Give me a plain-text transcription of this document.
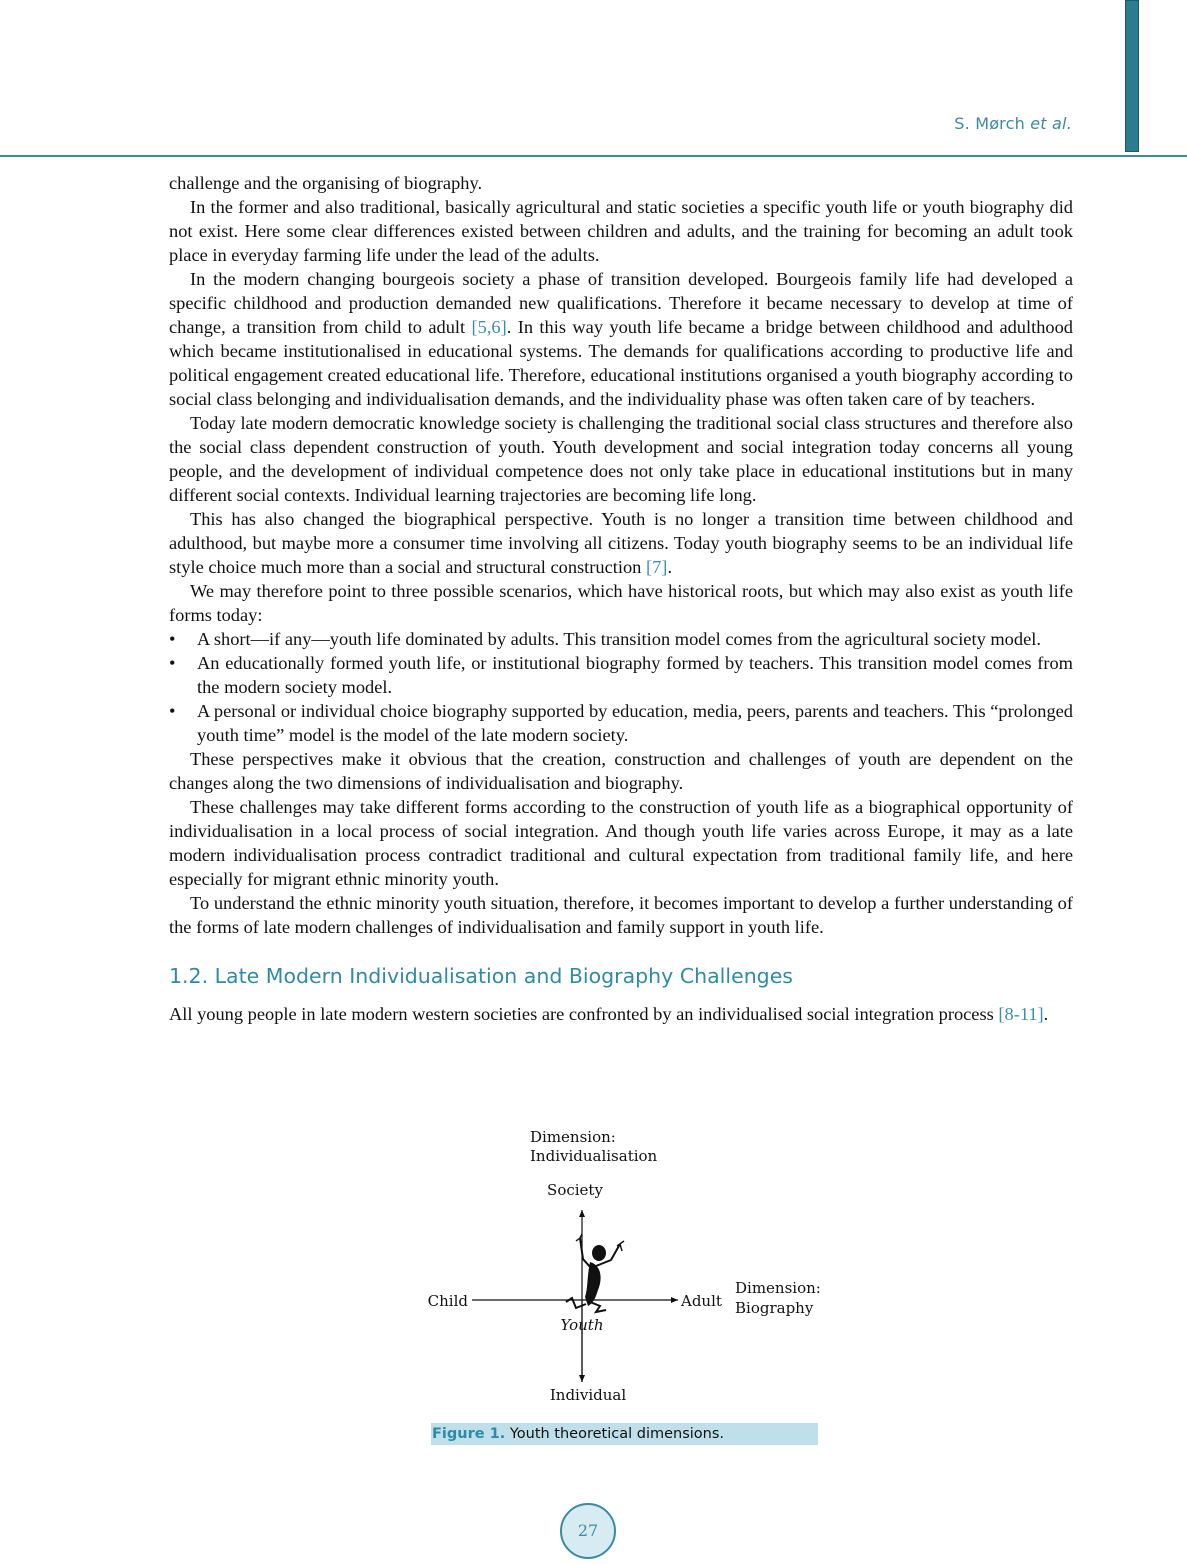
S. Mørch et al.

challenge and the organising of biography.

In the former and also traditional, basically agricultural and static societies a specific youth life or youth biography did not exist. Here some clear differences existed between children and adults, and the training for becoming an adult took place in everyday farming life under the lead of the adults.

In the modern changing bourgeois society a phase of transition developed. Bourgeois family life had developed a specific childhood and production demanded new qualifications. Therefore it became necessary to develop at time of change, a transition from child to adult [5,6]. In this way youth life became a bridge between childhood and adulthood which became institutionalised in educational systems. The demands for qualifications according to productive life and political engagement created educational life. Therefore, educational institutions organised a youth biography according to social class belonging and individualisation demands, and the individuality phase was often taken care of by teachers.

Today late modern democratic knowledge society is challenging the traditional social class structures and therefore also the social class dependent construction of youth. Youth development and social integration today concerns all young people, and the development of individual competence does not only take place in educational institutions but in many different social contexts. Individual learning trajectories are becoming life long.

This has also changed the biographical perspective. Youth is no longer a transition time between childhood and adulthood, but maybe more a consumer time involving all citizens. Today youth biography seems to be an individual life style choice much more than a social and structural construction [7].

We may therefore point to three possible scenarios, which have historical roots, but which may also exist as youth life forms today:

• A short—if any—youth life dominated by adults. This transition model comes from the agricultural society model.
• An educationally formed youth life, or institutional biography formed by teachers. This transition model comes from the modern society model.
• A personal or individual choice biography supported by education, media, peers, parents and teachers. This “prolonged youth time” model is the model of the late modern society.

These perspectives make it obvious that the creation, construction and challenges of youth are dependent on the changes along the two dimensions of individualisation and biography.

These challenges may take different forms according to the construction of youth life as a biographical opportunity of individualisation in a local process of social integration. And though youth life varies across Europe, it may as a late modern individualisation process contradict traditional and cultural expectation from traditional family life, and here especially for migrant ethnic minority youth.

To understand the ethnic minority youth situation, therefore, it becomes important to develop a further understanding of the forms of late modern challenges of individualisation and family support in youth life.

1.2. Late Modern Individualisation and Biography Challenges

All young people in late modern western societies are confronted by an individualised social integration process [8-11].

Dimension:
Individualisation
Society
Individual
Child	Adult
Dimension:
Biography
Youth
Figure 1. Youth theoretical dimensions.
27
